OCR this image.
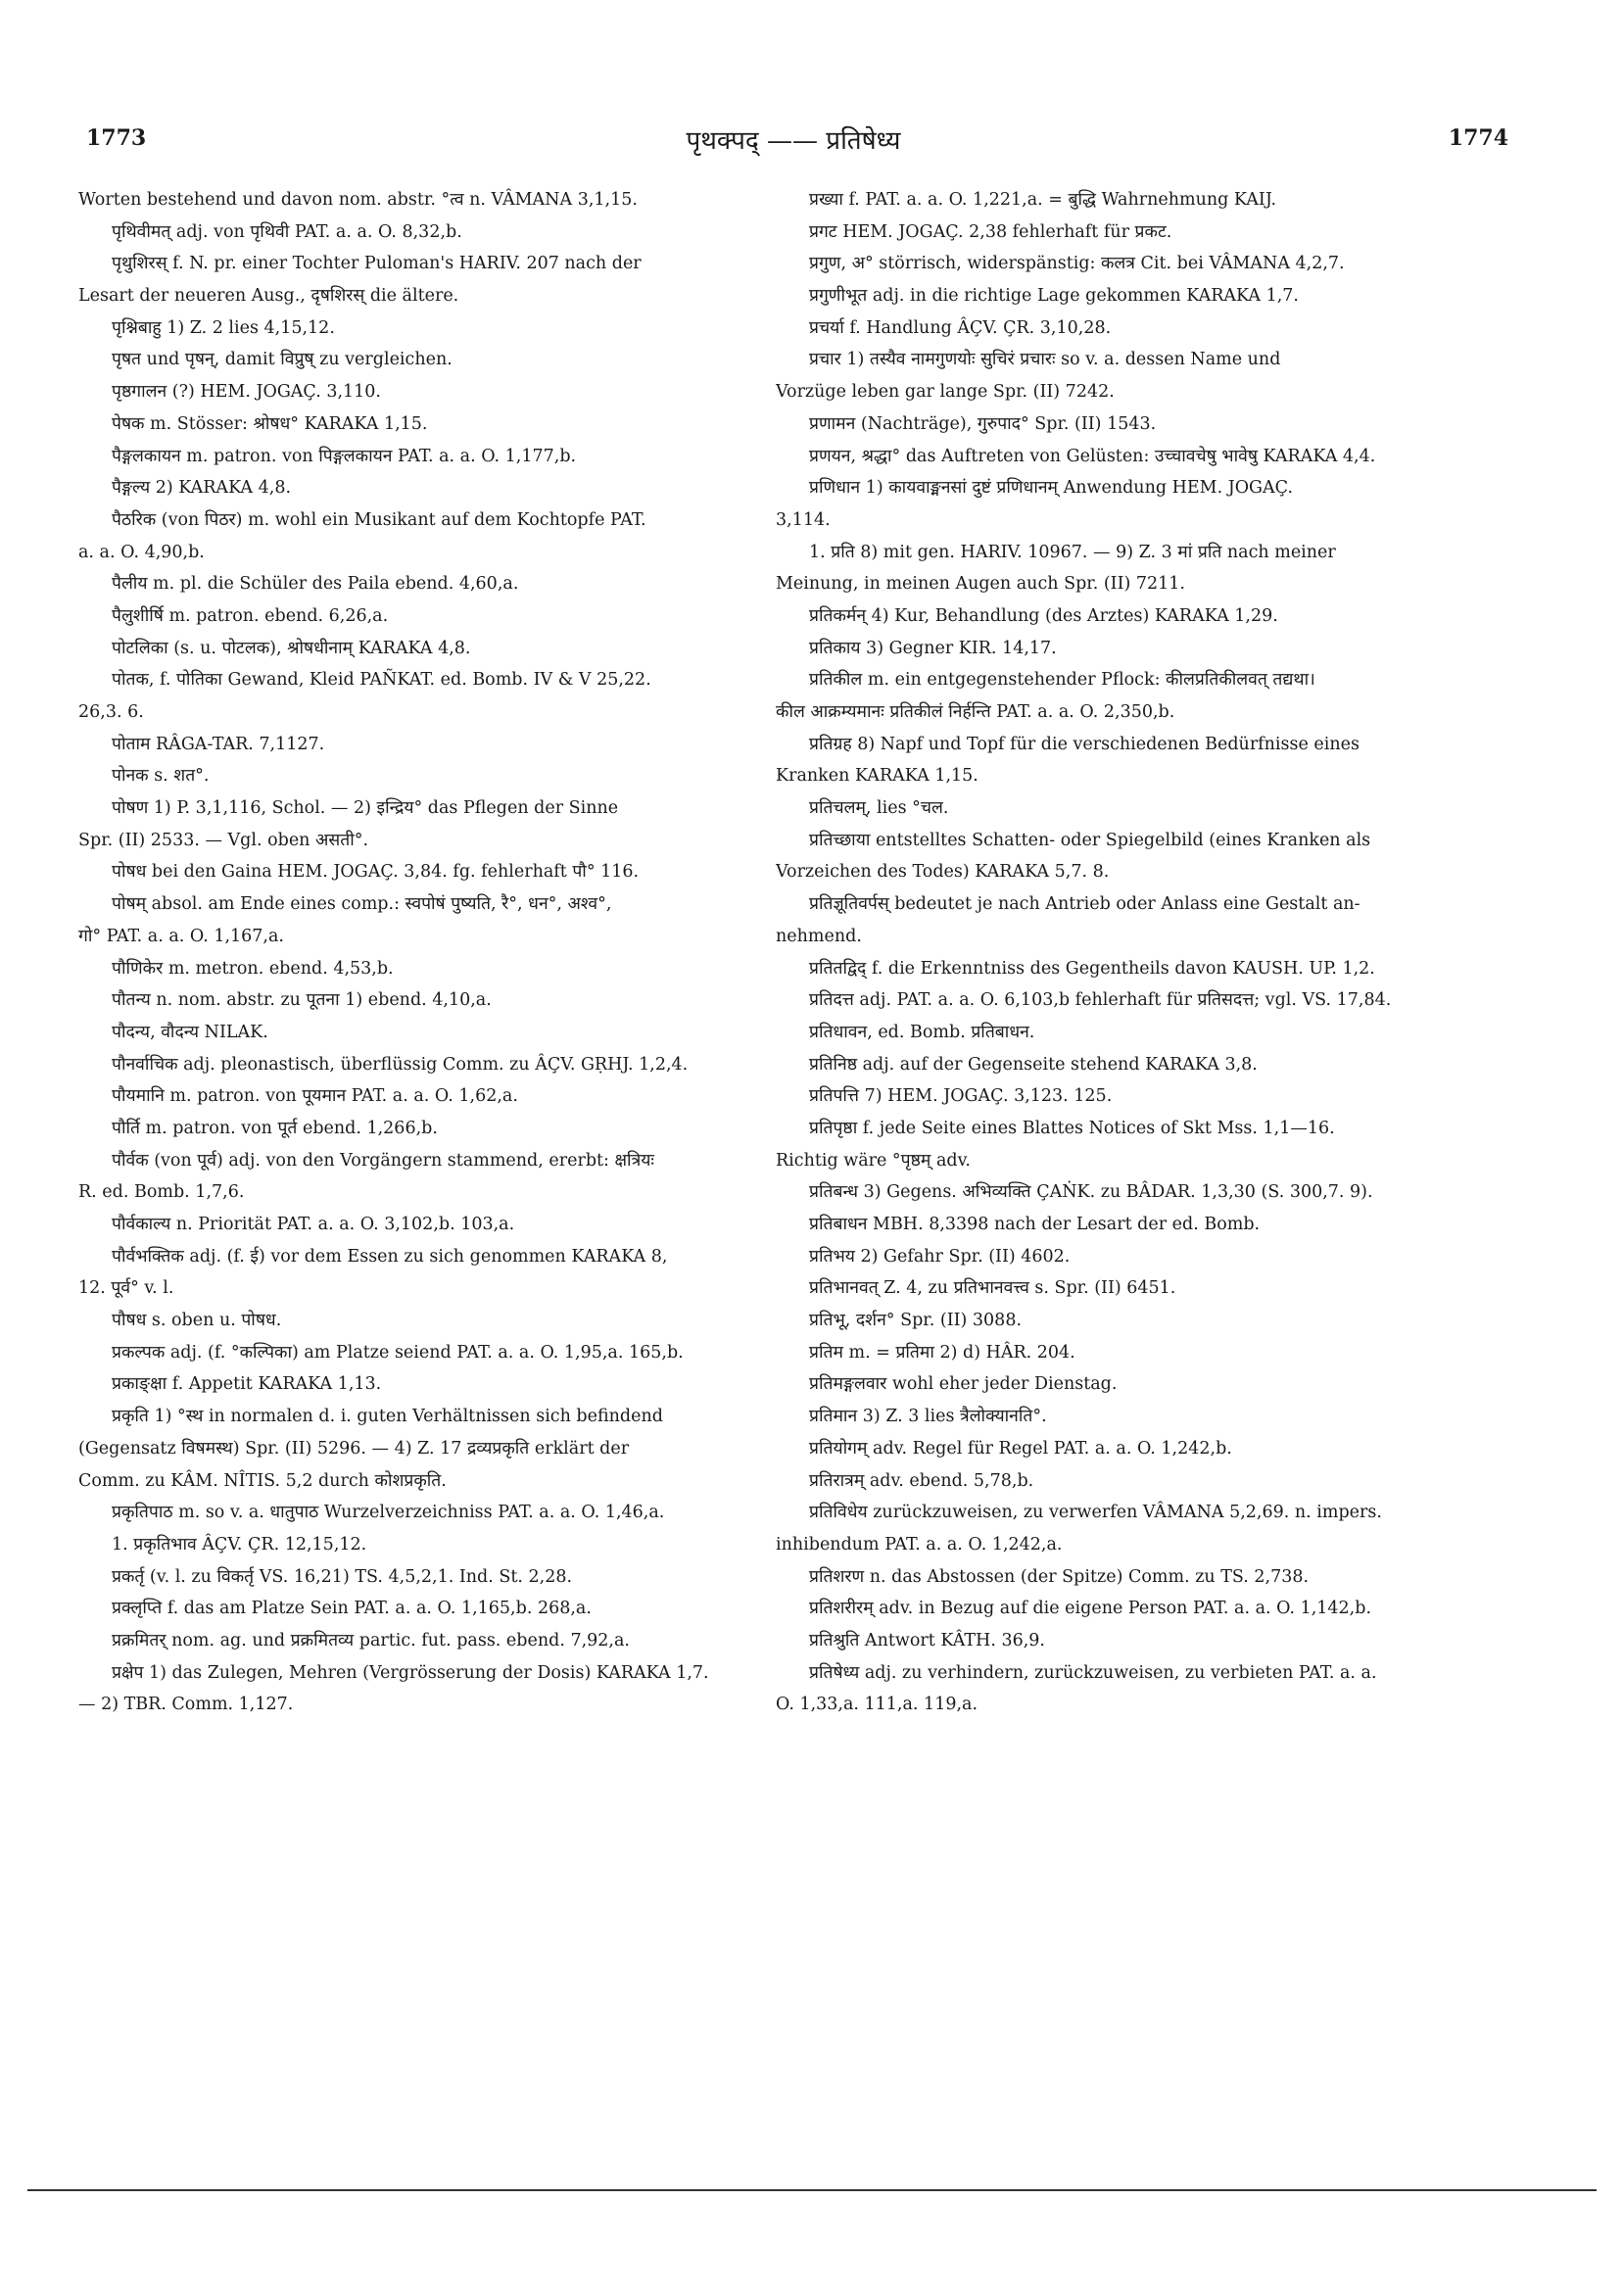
1773	पृथक्पद् —— प्रतिषेध्य	1774
Worten bestehend und davon nom. abstr. °त्व n. VÂMANA 3,1,15.
पृथिवीमत् adj. von पृथिवी PAT. a. a. O. 8,32,b.
पृथुशिरस् f. N. pr. einer Tochter Puloman's HARIV. 207 nach der
Lesart der neueren Ausg., दृषशिरस् die ältere.
पृश्निबाहु 1) Z. 2 lies 4,15,12.
पृषत und पृषन्, damit विप्रुष् zu vergleichen.
पृष्ठगालन (?) HEM. JOGAÇ. 3,110.
पेषक m. Stösser: श्रोषध° KARAKA 1,15.
पैङ्गलकायन m. patron. von पिङ्गलकायन PAT. a. a. O. 1,177,b.
पैङ्गल्य 2) KARAKA 4,8.
पैठरिक (von पिठर) m. wohl ein Musikant auf dem Kochtopfe PAT.
a. a. O. 4,90,b.
पैलीय m. pl. die Schüler des Paila ebend. 4,60,a.
पैलुशीर्षि m. patron. ebend. 6,26,a.
पोटलिका (s. u. पोटलक), श्रोषधीनाम् KARAKA 4,8.
पोतक, f. पोतिका Gewand, Kleid PAÑKAT. ed. Bomb. IV & V 25,22.
26,3. 6.
पोताम RÂGA-TAR. 7,1127.
पोनक s. शत°.
पोषण 1) P. 3,1,116, Schol. — 2) इन्द्रिय° das Pflegen der Sinne
Spr. (II) 2533. — Vgl. oben असती°.
पोषध bei den Gaina HEM. JOGAÇ. 3,84. fg. fehlerhaft पौ° 116.
पोषम् absol. am Ende eines comp.: स्वपोषं पुष्यति, रै°, धन°, अश्व°,
गो° PAT. a. a. O. 1,167,a.
पौणिकेर m. metron. ebend. 4,53,b.
पौतन्य n. nom. abstr. zu पूतना 1) ebend. 4,10,a.
पौदन्य, वौदन्य NILAK.
पौनर्वाचिक adj. pleonastisch, überflüssig Comm. zu ÂÇV. GṚHJ. 1,2,4.
पौयमानि m. patron. von पूयमान PAT. a. a. O. 1,62,a.
पौर्ति m. patron. von पूर्त ebend. 1,266,b.
पौर्वक (von पूर्व) adj. von den Vorgängern stammend, ererbt: क्षत्रियः
R. ed. Bomb. 1,7,6.
पौर्वकाल्य n. Priorität PAT. a. a. O. 3,102,b. 103,a.
पौर्वभक्तिक adj. (f. ई) vor dem Essen zu sich genommen KARAKA 8,
12. पूर्व° v. l.
पौषध s. oben u. पोषध.
प्रकल्पक adj. (f. °कल्पिका) am Platze seiend PAT. a. a. O. 1,95,a. 165,b.
प्रकाङ्क्षा f. Appetit KARAKA 1,13.
प्रकृति 1) °स्थ in normalen d. i. guten Verhältnissen sich befindend
(Gegensatz विषमस्थ) Spr. (II) 5296. — 4) Z. 17 द्रव्यप्रकृति erklärt der
Comm. zu KÂM. NÎTIS. 5,2 durch कोशप्रकृति.
प्रकृतिपाठ m. so v. a. धातुपाठ Wurzelverzeichniss PAT. a. a. O. 1,46,a.
1. प्रकृतिभाव ÂÇV. ÇR. 12,15,12.
प्रकर्तृ (v. l. zu विकर्तृ VS. 16,21) TS. 4,5,2,1. Ind. St. 2,28.
प्रक्लृप्ति f. das am Platze Sein PAT. a. a. O. 1,165,b. 268,a.
प्रक्रमितर् nom. ag. und प्रक्रमितव्य partic. fut. pass. ebend. 7,92,a.
प्रक्षेप 1) das Zulegen, Mehren (Vergrösserung der Dosis) KARAKA 1,7.
— 2) TBR. Comm. 1,127.
प्रख्या f. PAT. a. a. O. 1,221,a. = बुद्धि Wahrnehmung KAIJ.
प्रगट HEM. JOGAÇ. 2,38 fehlerhaft für प्रकट.
प्रगुण, अ° störrisch, widerspänstig: कलत्र Cit. bei VÂMANA 4,2,7.
प्रगुणीभूत adj. in die richtige Lage gekommen KARAKA 1,7.
प्रचर्या f. Handlung ÂÇV. ÇR. 3,10,28.
प्रचार 1) तस्यैव नामगुणयोः सुचिरं प्रचारः so v. a. dessen Name und
Vorzüge leben gar lange Spr. (II) 7242.
प्रणामन (Nachträge), गुरुपाद° Spr. (II) 1543.
प्रणयन, श्रद्धा° das Auftreten von Gelüsten: उच्चावचेषु भावेषु KARAKA 4,4.
प्रणिधान 1) कायवाङ्मनसां दुष्टं प्रणिधानम् Anwendung HEM. JOGAÇ.
3,114.
1. प्रति 8) mit gen. HARIV. 10967. — 9) Z. 3 मां प्रति nach meiner
Meinung, in meinen Augen auch Spr. (II) 7211.
प्रतिकर्मन् 4) Kur, Behandlung (des Arztes) KARAKA 1,29.
प्रतिकाय 3) Gegner KIR. 14,17.
प्रतिकील m. ein entgegenstehender Pflock: कीलप्रतिकीलवत् तद्यथा।
कील आक्रम्यमानः प्रतिकीलं निर्हन्ति PAT. a. a. O. 2,350,b.
प्रतिग्रह 8) Napf und Topf für die verschiedenen Bedürfnisse eines
Kranken KARAKA 1,15.
प्रतिचलम्, lies °चल.
प्रतिच्छाया entstelltes Schatten- oder Spiegelbild (eines Kranken als
Vorzeichen des Todes) KARAKA 5,7. 8.
प्रतिज्ञूतिवर्पस् bedeutet je nach Antrieb oder Anlass eine Gestalt an-
nehmend.
प्रतितद्विद् f. die Erkenntniss des Gegentheils davon KAUSH. UP. 1,2.
प्रतिदत्त adj. PAT. a. a. O. 6,103,b fehlerhaft für प्रतिसदत्त; vgl. VS. 17,84.
प्रतिधावन, ed. Bomb. प्रतिबाधन.
प्रतिनिष्ठ adj. auf der Gegenseite stehend KARAKA 3,8.
प्रतिपत्ति 7) HEM. JOGAÇ. 3,123. 125.
प्रतिपृष्ठा f. jede Seite eines Blattes Notices of Skt Mss. 1,1—16.
Richtig wäre °पृष्ठम् adv.
प्रतिबन्ध 3) Gegens. अभिव्यक्ति ÇAṄK. zu BÂDAR. 1,3,30 (S. 300,7. 9).
प्रतिबाधन MBH. 8,3398 nach der Lesart der ed. Bomb.
प्रतिभय 2) Gefahr Spr. (II) 4602.
प्रतिभानवत् Z. 4, zu प्रतिभानवत्त्व s. Spr. (II) 6451.
प्रतिभू, दर्शन° Spr. (II) 3088.
प्रतिम m. = प्रतिमा 2) d) HÂR. 204.
प्रतिमङ्गलवार wohl eher jeder Dienstag.
प्रतिमान 3) Z. 3 lies त्रैलोक्यानति°.
प्रतियोगम् adv. Regel für Regel PAT. a. a. O. 1,242,b.
प्रतिरात्रम् adv. ebend. 5,78,b.
प्रतिविधेय zurückzuweisen, zu verwerfen VÂMANA 5,2,69. n. impers.
inhibendum PAT. a. a. O. 1,242,a.
प्रतिशरण n. das Abstossen (der Spitze) Comm. zu TS. 2,738.
प्रतिशरीरम् adv. in Bezug auf die eigene Person PAT. a. a. O. 1,142,b.
प्रतिश्रुति Antwort KÂTH. 36,9.
प्रतिषेध्य adj. zu verhindern, zurückzuweisen, zu verbieten PAT. a. a.
O. 1,33,a. 111,a. 119,a.
